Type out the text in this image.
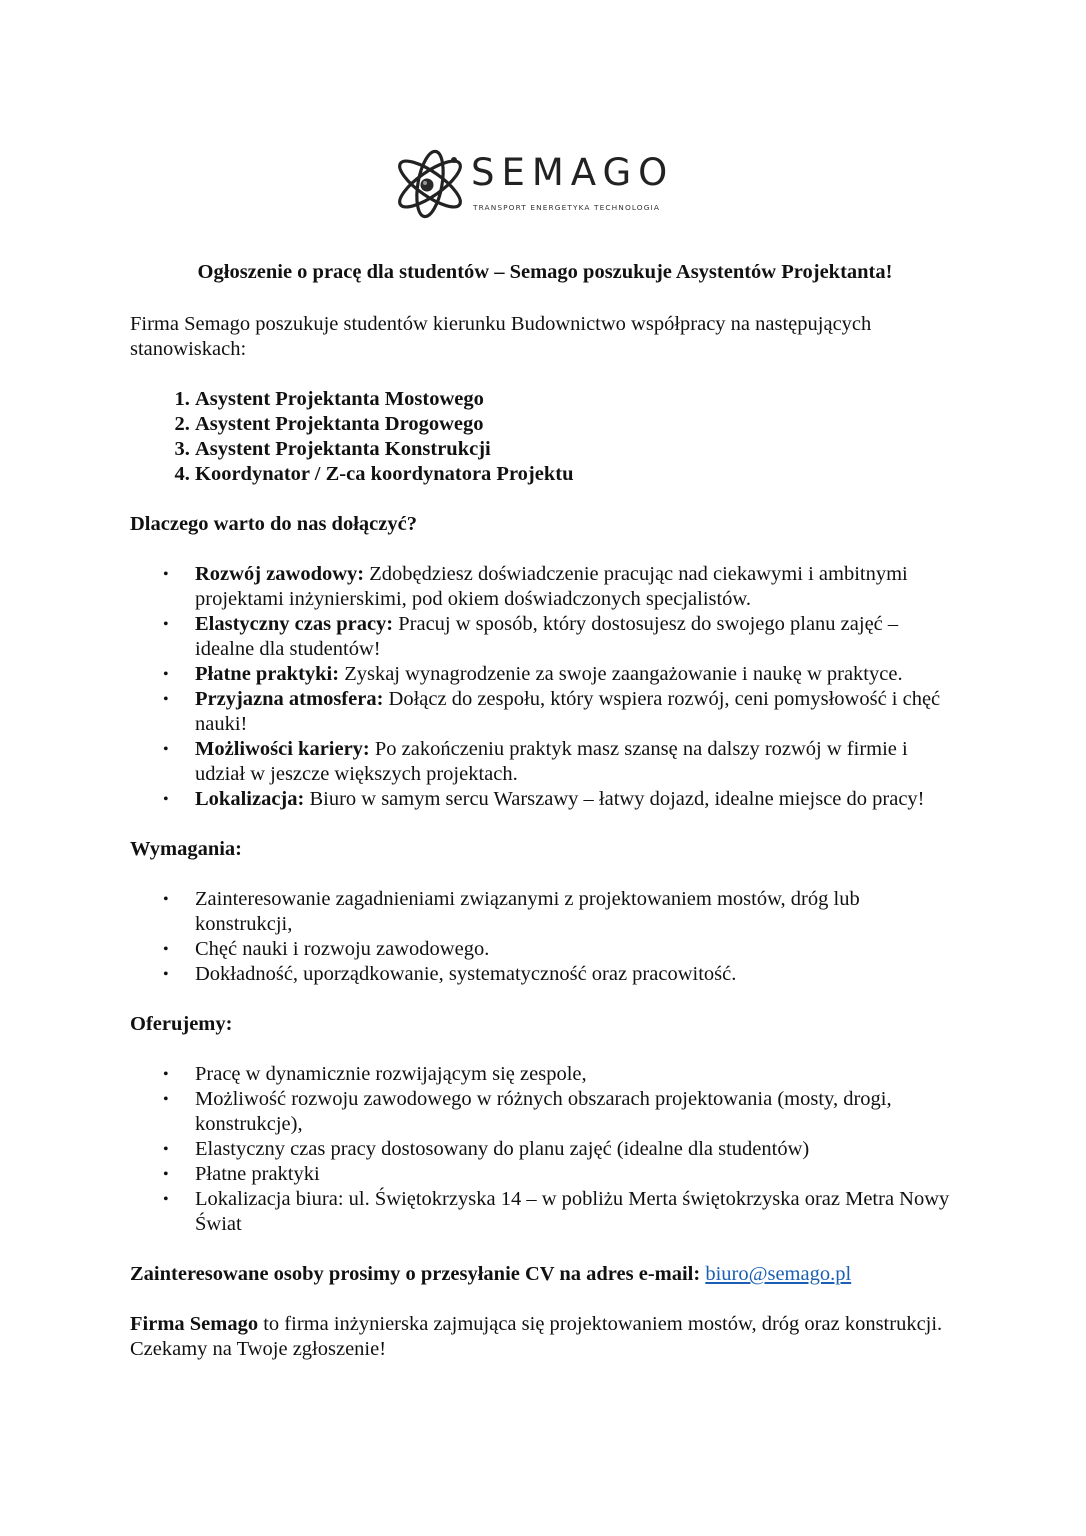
SEMAGO
TRANSPORT ENERGETYKA TECHNOLOGIA

Ogłoszenie o pracę dla studentów – Semago poszukuje Asystentów Projektanta!

Firma Semago poszukuje studentów kierunku Budownictwo współpracy na następujących stanowiskach:

1. Asystent Projektanta Mostowego
2. Asystent Projektanta Drogowego
3. Asystent Projektanta Konstrukcji
4. Koordynator / Z-ca koordynatora Projektu

Dlaczego warto do nas dołączyć?

• Rozwój zawodowy: Zdobędziesz doświadczenie pracując nad ciekawymi i ambitnymi projektami inżynierskimi, pod okiem doświadczonych specjalistów.
• Elastyczny czas pracy: Pracuj w sposób, który dostosujesz do swojego planu zajęć – idealne dla studentów!
• Płatne praktyki: Zyskaj wynagrodzenie za swoje zaangażowanie i naukę w praktyce.
• Przyjazna atmosfera: Dołącz do zespołu, który wspiera rozwój, ceni pomysłowość i chęć nauki!
• Możliwości kariery: Po zakończeniu praktyk masz szansę na dalszy rozwój w firmie i udział w jeszcze większych projektach.
• Lokalizacja: Biuro w samym sercu Warszawy – łatwy dojazd, idealne miejsce do pracy!

Wymagania:

• Zainteresowanie zagadnieniami związanymi z projektowaniem mostów, dróg lub konstrukcji,
• Chęć nauki i rozwoju zawodowego.
• Dokładność, uporządkowanie, systematyczność oraz pracowitość.

Oferujemy:

• Pracę w dynamicznie rozwijającym się zespole,
• Możliwość rozwoju zawodowego w różnych obszarach projektowania (mosty, drogi, konstrukcje),
• Elastyczny czas pracy dostosowany do planu zajęć (idealne dla studentów)
• Płatne praktyki
• Lokalizacja biura: ul. Świętokrzyska 14 – w pobliżu Merta świętokrzyska oraz Metra Nowy Świat

Zainteresowane osoby prosimy o przesyłanie CV na adres e-mail: biuro@semago.pl

Firma Semago to firma inżynierska zajmująca się projektowaniem mostów, dróg oraz konstrukcji. Czekamy na Twoje zgłoszenie!
